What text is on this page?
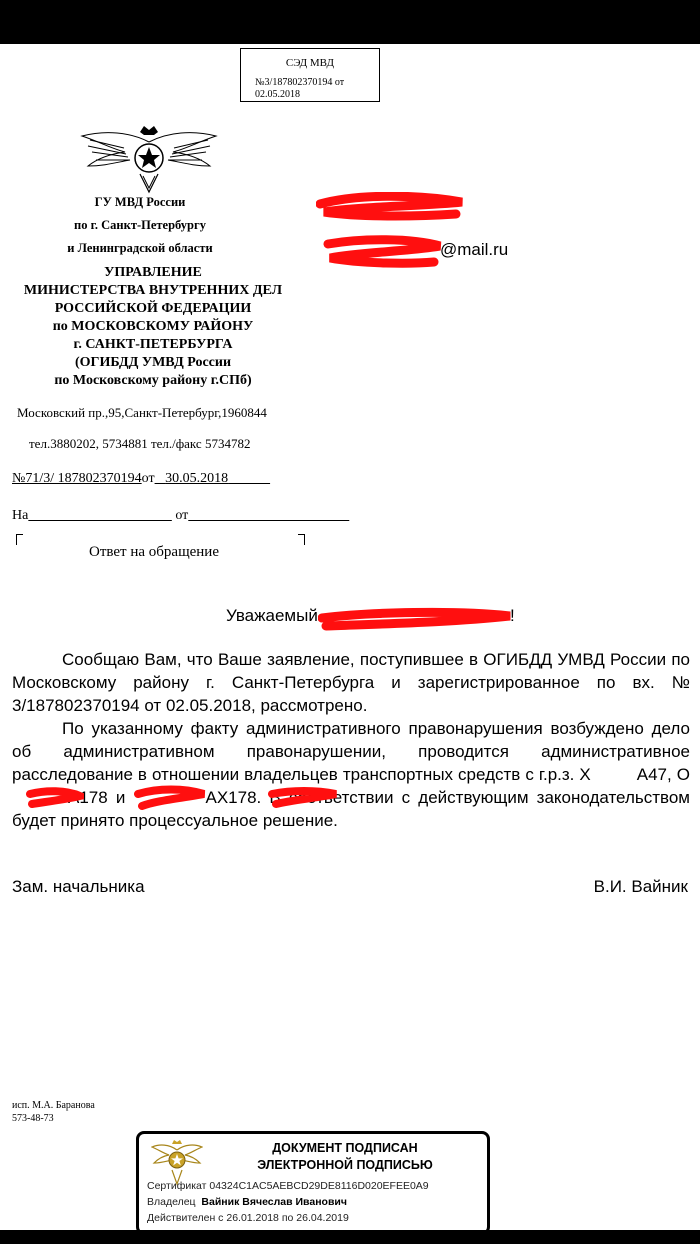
СЭД МВД
№3/187802370194 от 02.05.2018
ГУ МВД России
по г. Санкт-Петербургу
и Ленинградской области
УПРАВЛЕНИЕ
МИНИСТЕРСТВА ВНУТРЕННИХ ДЕЛ
РОССИЙСКОЙ ФЕДЕРАЦИИ
по МОСКОВСКОМУ РАЙОНУ
г. САНКТ-ПЕТЕРБУРГА
(ОГИБДД УМВД России
по Московскому району г.СПб)
Московский пр.,95,Санкт-Петербург,1960844
тел.3880202, 5734881 тел./факс 5734782
№71/3/ 187802370194от 30.05.2018
На	от
Ответ на обращение
@mail.ru
Уважаемый	!

Сообщаю Вам, что Ваше заявление, поступившее в ОГИБДД УМВД России по Московскому району г. Санкт-Петербурга и зарегистрированное по вх. № 3/187802370194 от 02.05.2018, рассмотрено.

По указанному факту административного правонарушения возбуждено дело об административном правонарушении, проводится административное расследование в отношении владельцев транспортных средств с г.р.з. Х	А47, ОА178 и	АХ178. В соответствии с действующим законодательством будет принято процессуальное решение.

Зам. начальника	В.И. Вайник
исп. М.А. Баранова
573-48-73
ДОКУМЕНТ ПОДПИСАН
ЭЛЕКТРОННОЙ ПОДПИСЬЮ
Сертификат 04324C1AC5AEBCD29DE8116D020EFEE0A9
Владелец Вайник Вячеслав Иванович
Действителен с 26.01.2018 по 26.04.2019
